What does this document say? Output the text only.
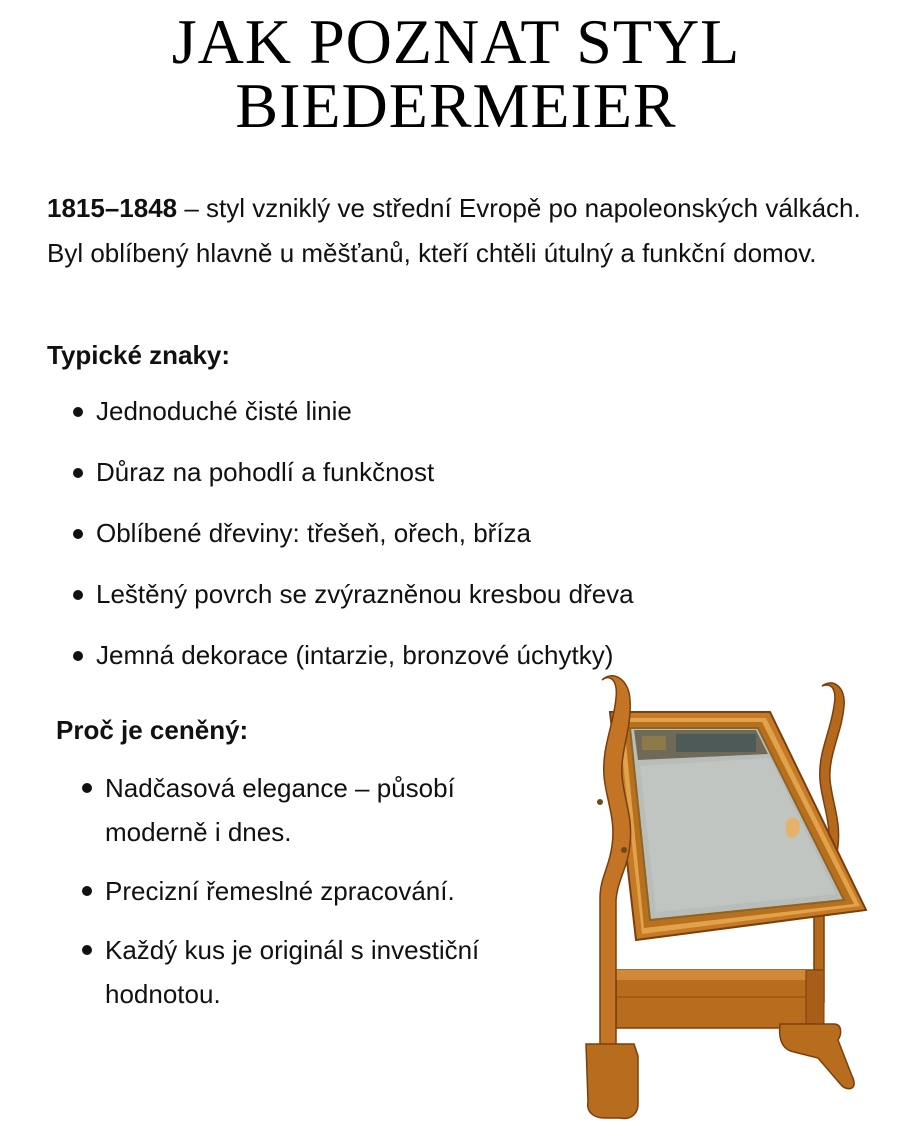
JAK POZNAT STYL
BIEDERMEIER

1815–1848 – styl vzniklý ve střední Evropě po napoleonských válkách. Byl oblíbený hlavně u měšťanů, kteří chtěli útulný a funkční domov.

Typické znaky:
Jednoduché čisté linie
Důraz na pohodlí a funkčnost
Oblíbené dřeviny: třešeň, ořech, bříza
Leštěný povrch se zvýrazněnou kresbou dřeva
Jemná dekorace (intarzie, bronzové úchytky)
Proč je ceněný:
Nadčasová elegance – působí moderně i dnes.
Precizní řemeslné zpracování.
Každý kus je originál s investiční hodnotou.
